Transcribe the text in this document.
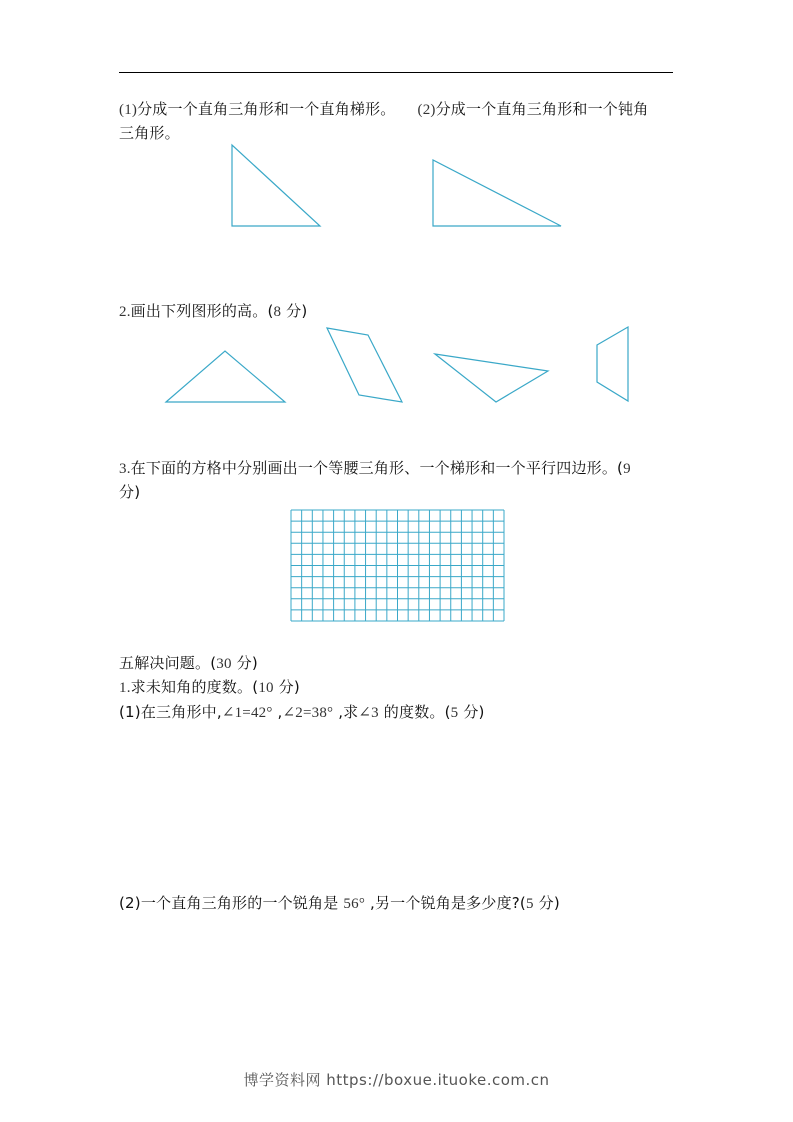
(1)分成一个直角三角形和一个直角梯形。 (2)分成一个直角三角形和一个钝角
三角形。
2.画出下列图形的高。(8 分)
3.在下面的方格中分别画出一个等腰三角形、一个梯形和一个平行四边形。(9
分)
五解决问题。(30 分)
1.求未知角的度数。(10 分)
(1)在三角形中,∠1=42° ,∠2=38° ,求∠3 的度数。(5 分)
(2)一个直角三角形的一个锐角是 56° ,另一个锐角是多少度?(5 分)
博学资料网 https://boxue.ituoke.com.cn
